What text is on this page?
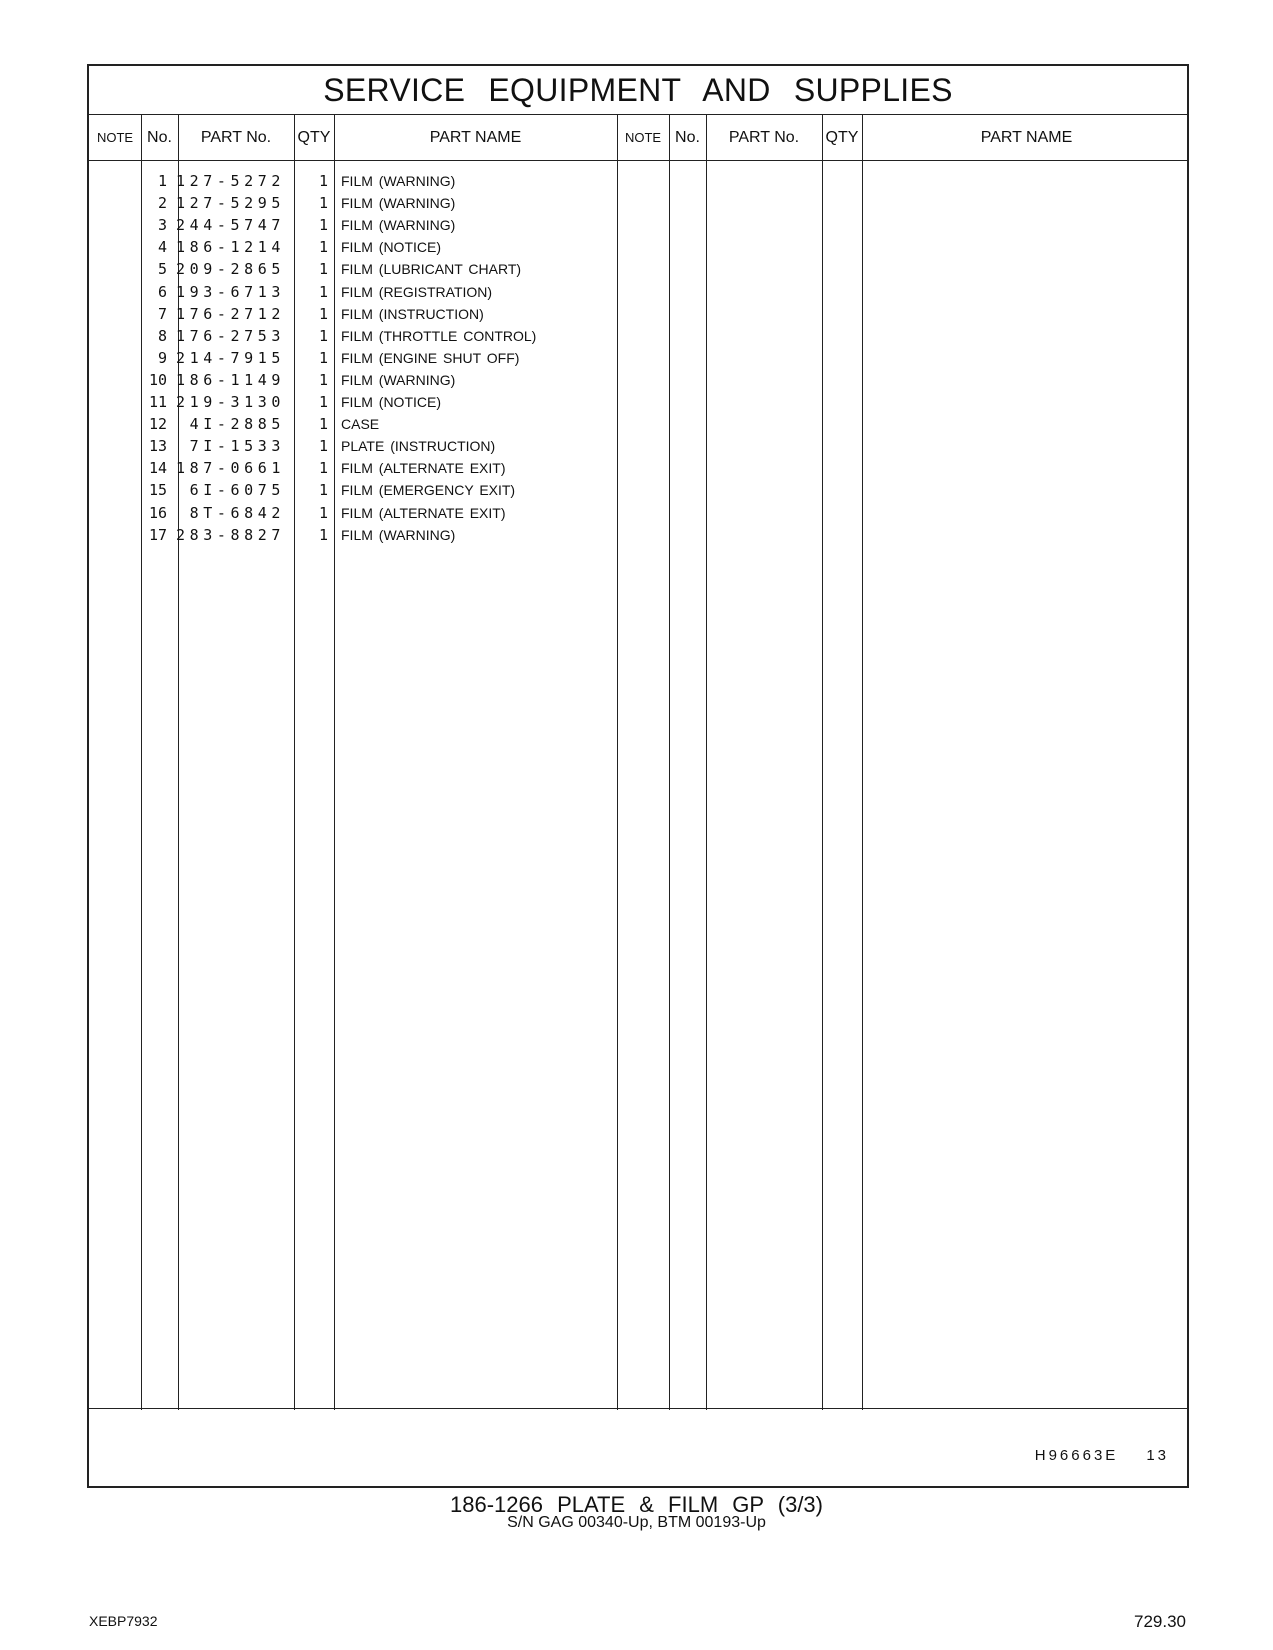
SERVICE EQUIPMENT AND SUPPLIES
NOTE No.	PART No.	QTY	PART NAME	NOTE No.	PART No.	QTY	PART NAME
1 127-5272	1 FILM (WARNING)
2 127-5295	1 FILM (WARNING)
3 244-5747	1 FILM (WARNING)
4 186-1214	1 FILM (NOTICE)
5 209-2865	1 FILM (LUBRICANT CHART)
6 193-6713	1 FILM (REGISTRATION)
7 176-2712	1 FILM (INSTRUCTION)
8 176-2753	1 FILM (THROTTLE CONTROL)
9 214-7915	1 FILM (ENGINE SHUT OFF)
10 186-1149	1 FILM (WARNING)
11 219-3130	1 FILM (NOTICE)
12	4I-2885	1 CASE
13	7I-1533	1 PLATE (INSTRUCTION)
14 187-0661	1 FILM (ALTERNATE EXIT)
15	6I-6075	1 FILM (EMERGENCY EXIT)
16	8T-6842	1 FILM (ALTERNATE EXIT)
17 283-8827	1 FILM (WARNING)
H96663E 13
186-1266 PLATE & FILM GP (3/3)
S/N GAG 00340-Up, BTM 00193-Up
XEBP7932	729.30
